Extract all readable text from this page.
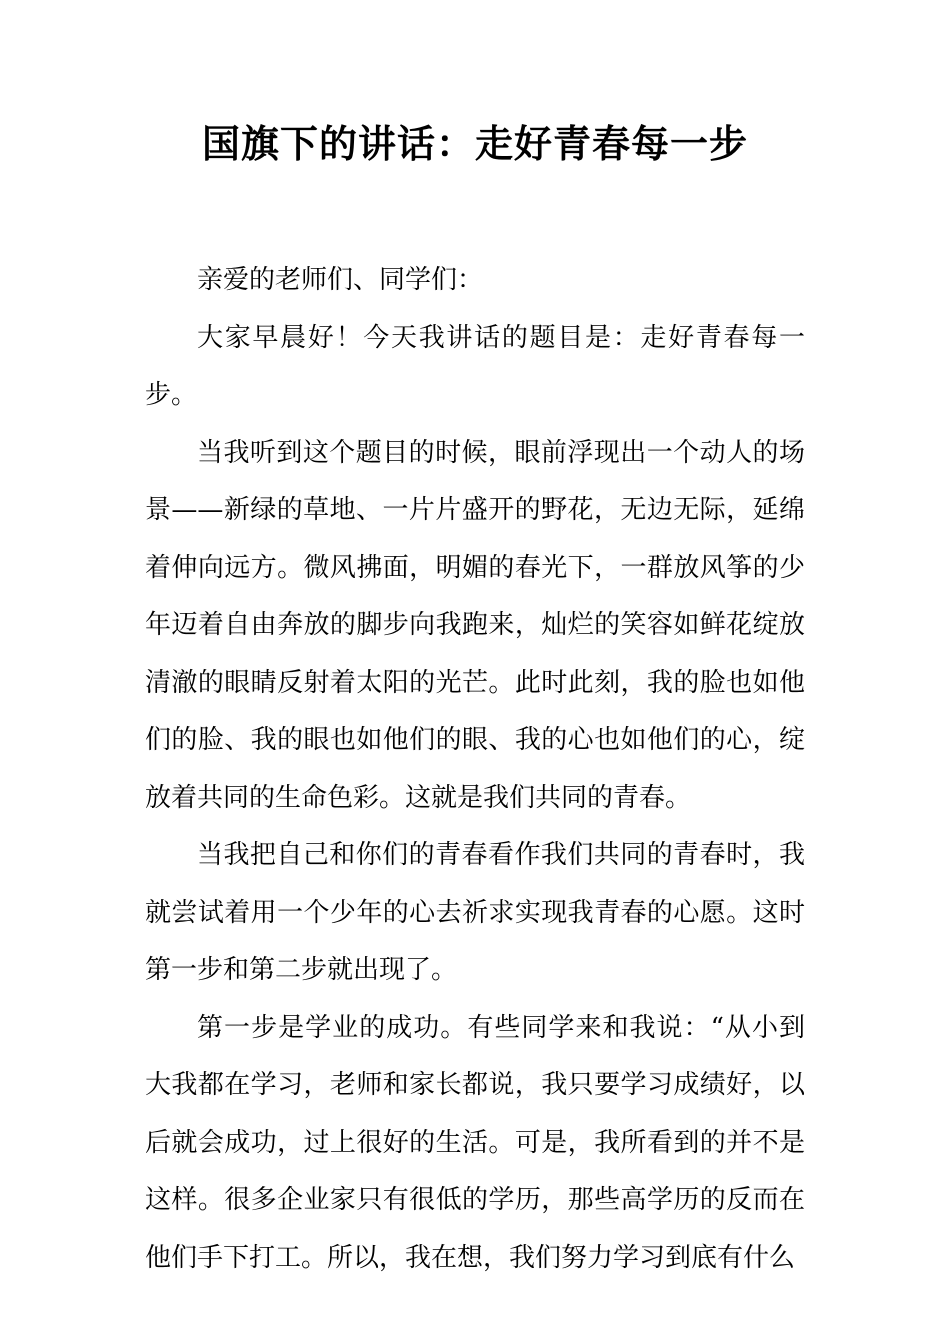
国旗下的讲话：走好青春每一步

亲爱的老师们、同学们：

大家早晨好！今天我讲话的题目是：走好青春每一步。

当我听到这个题目的时候，眼前浮现出一个动人的场景——新绿的草地、一片片盛开的野花，无边无际，延绵着伸向远方。微风拂面，明媚的春光下，一群放风筝的少年迈着自由奔放的脚步向我跑来，灿烂的笑容如鲜花绽放清澈的眼睛反射着太阳的光芒。此时此刻，我的脸也如他们的脸、我的眼也如他们的眼、我的心也如他们的心，绽放着共同的生命色彩。这就是我们共同的青春。

当我把自己和你们的青春看作我们共同的青春时，我就尝试着用一个少年的心去祈求实现我青春的心愿。这时第一步和第二步就出现了。

第一步是学业的成功。有些同学来和我说：“从小到大我都在学习，老师和家长都说，我只要学习成绩好，以后就会成功，过上很好的生活。可是，我所看到的并不是这样。很多企业家只有很低的学历，那些高学历的反而在他们手下打工。所以，我在想，我们努力学习到底有什么
